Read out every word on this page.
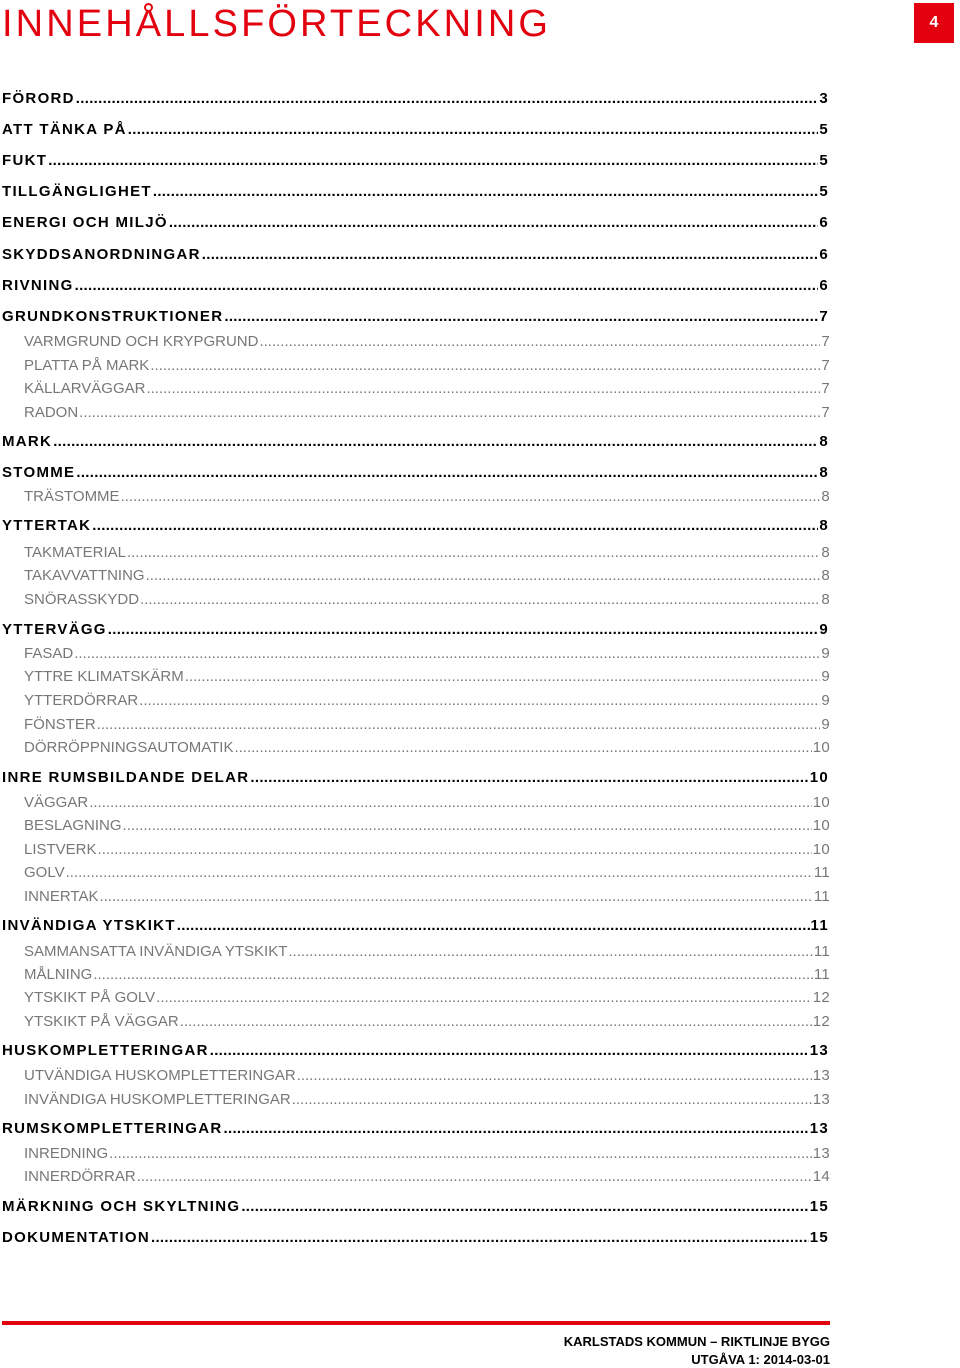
INNEHÅLLSFÖRTECKNING	4
FÖRORD .....	3
ATT TÄNKA PÅ .....	5
FUKT .....	5
TILLGÄNGLIGHET .....	5
ENERGI OCH MILJÖ .....	6
SKYDDSANORDNINGAR .....	6
RIVNING .....	6
GRUNDKONSTRUKTIONER .....	7
VARMGRUND OCH KRYPGRUND .....	7
PLATTA PÅ MARK .....	7
KÄLLARVÄGGAR .....	7
RADON .....	7
MARK .....	8
STOMME .....	8
TRÄSTOMME .....	8
YTTERTAK .....	8
TAKMATERIAL .....	8
TAKAVVATTNING .....	8
SNÖRASSKYDD .....	8
YTTERVÄGG .....	9
FASAD .....	9
YTTRE KLIMATSKÄRM .....	9
YTTERDÖRRAR .....	9
FÖNSTER .....	9
DÖRRÖPPNINGSAUTOMATIK .....	10
INRE RUMSBILDANDE DELAR .....	10
VÄGGAR .....	10
BESLAGNING .....	10
LISTVERK .....	10
GOLV .....	11
INNERTAK .....	11
INVÄNDIGA YTSKIKT .....	11
SAMMANSATTA INVÄNDIGA YTSKIKT .....	11
MÅLNING .....	11
YTSKIKT PÅ GOLV .....	12
YTSKIKT PÅ VÄGGAR .....	12
HUSKOMPLETTERINGAR .....	13
UTVÄNDIGA HUSKOMPLETTERINGAR .....	13
INVÄNDIGA HUSKOMPLETTERINGAR .....	13
RUMSKOMPLETTERINGAR .....	13
INREDNING .....	13
INNERDÖRRAR .....	14
MÄRKNING OCH SKYLTNING .....	15
DOKUMENTATION .....	15
KARLSTADS KOMMUN – RIKTLINJE BYGG
UTGÅVA 1: 2014-03-01
